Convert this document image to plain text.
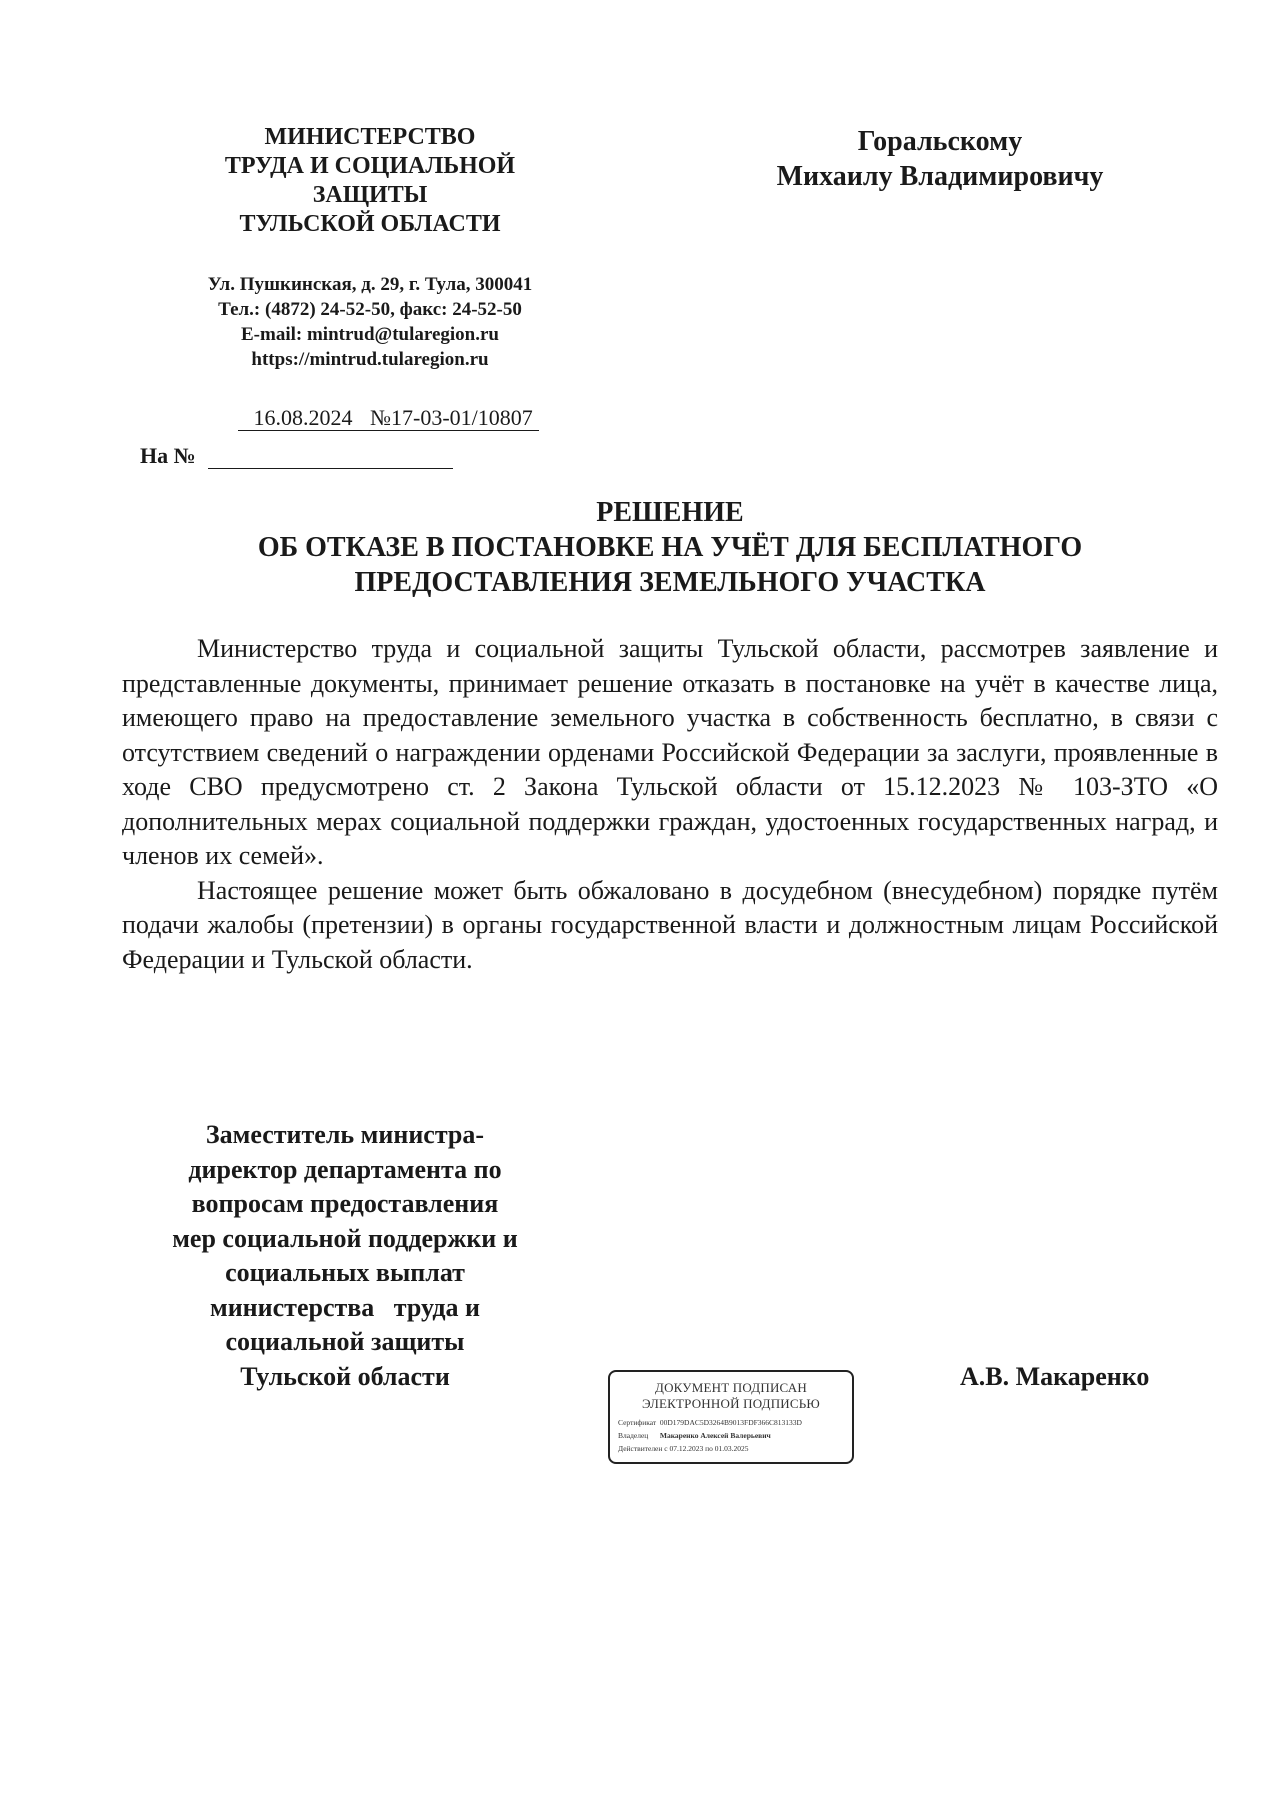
МИНИСТЕРСТВО
ТРУДА И СОЦИАЛЬНОЙ
ЗАЩИТЫ
ТУЛЬСКОЙ ОБЛАСТИ
Ул. Пушкинская, д. 29, г. Тула, 300041
Тел.: (4872) 24-52-50, факс: 24-52-50
E-mail: mintrud@tularegion.ru
https://mintrud.tularegion.ru
Горальскому
Михаилу Владимировичу
16.08.2024 №17-03-01/10807
На №
РЕШЕНИЕ
ОБ ОТКАЗЕ В ПОСТАНОВКЕ НА УЧЁТ ДЛЯ БЕСПЛАТНОГО
ПРЕДОСТАВЛЕНИЯ ЗЕМЕЛЬНОГО УЧАСТКА

Министерство труда и социальной защиты Тульской области, рассмотрев заявление и представленные документы, принимает решение отказать в постановке на учёт в качестве лица, имеющего право на предоставление земельного участка в собственность бесплатно, в связи с отсутствием сведений о награждении орденами Российской Федерации за заслуги, проявленные в ходе СВО предусмотрено ст. 2 Закона Тульской области от 15.12.2023 № 103-ЗТО «О дополнительных мерах социальной поддержки граждан, удостоенных государственных наград, и членов их семей».

Настоящее решение может быть обжаловано в досудебном (внесудебном) порядке путём подачи жалобы (претензии) в органы государственной власти и должностным лицам Российской Федерации и Тульской области.

Заместитель министра-
директор департамента по
вопросам предоставления
мер социальной поддержки и
социальных выплат
министерства   труда и
социальной защиты
Тульской области	ДОКУМЕНТ ПОДПИСАН
ЭЛЕКТРОННОЙ ПОДПИСЬЮ
Сертификат 00D179DAC5D3264B9013FDF366C813133D
Владелец Макаренко Алексей Валерьевич
Действителен с 07.12.2023 по 01.03.2025
А.В. Макаренко
